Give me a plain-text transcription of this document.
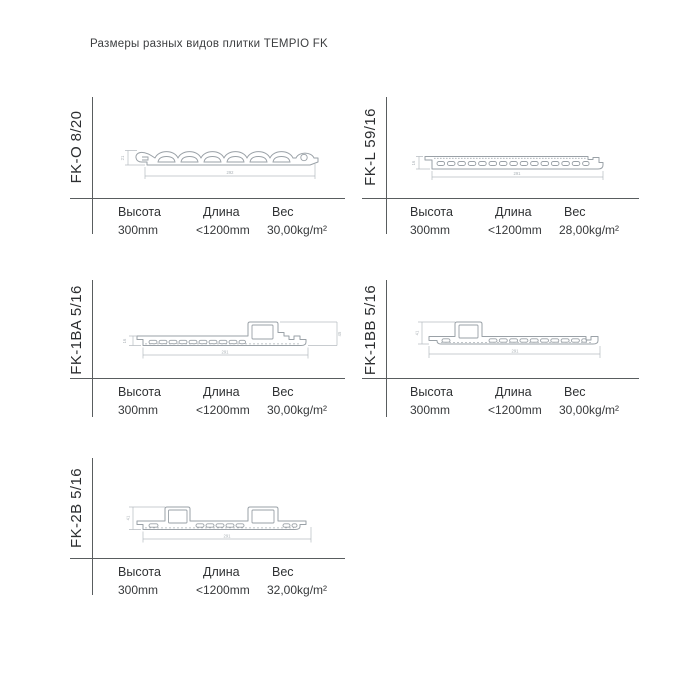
Размеры разных видов плитки TEMPIO FK
FK-O 8/20	292
21
Высота	Длина	Вес
300mm	<1200mm 30,00kg/m²
FK-L 59/16	291
16
Высота	Длина	Вес
300mm	<1200mm 28,00kg/m²
FK-1BA 5/16	291
45
16
Высота	Длина	Вес
300mm	<1200mm 30,00kg/m²
FK-1BB 5/16	291
41
Высота	Длина	Вес
300mm	<1200mm 30,00kg/m²
FK-2B 5/16	291
41
Высота	Длина	Вес
300mm	<1200mm 32,00kg/m²
